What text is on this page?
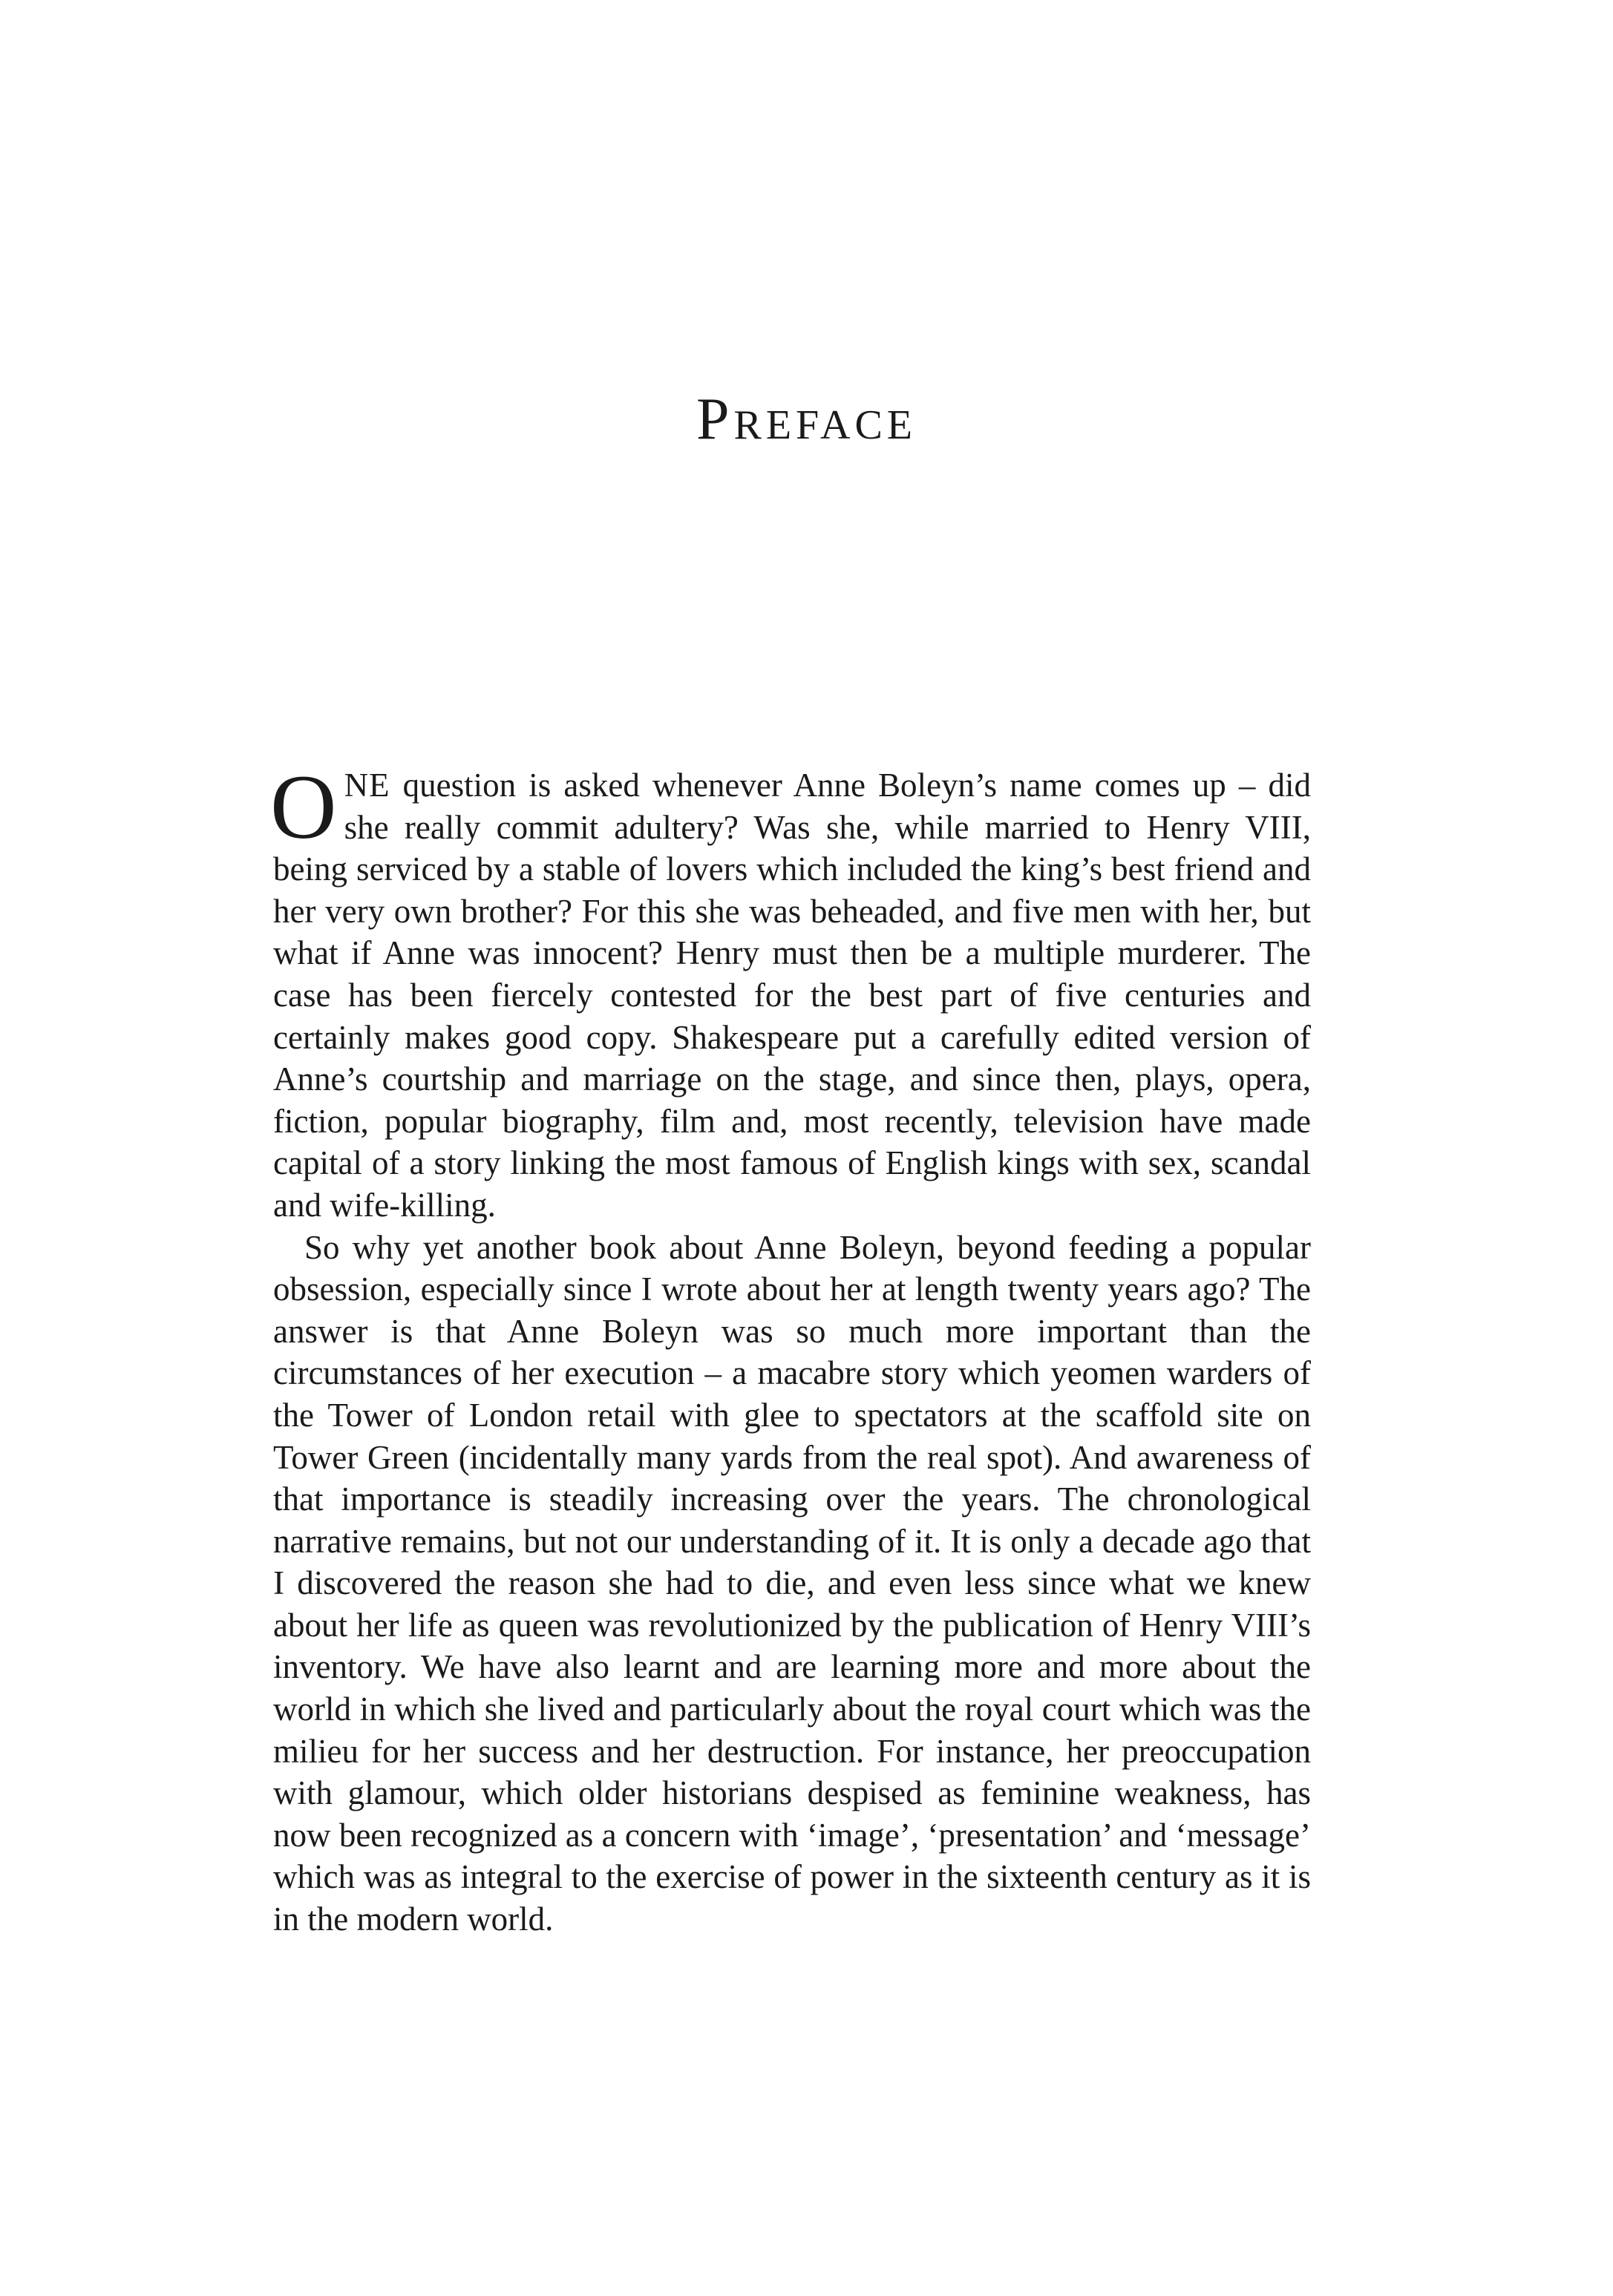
Preface

ONE question is asked whenever Anne Boleyn’s name comes up – did she really commit adultery? Was she, while married to Henry VIII, being serviced by a stable of lovers which included the king’s best friend and her very own brother? For this she was beheaded, and five men with her, but what if Anne was innocent? Henry must then be a multiple murderer. The case has been fiercely contested for the best part of five centuries and certainly makes good copy. Shakespeare put a carefully edited version of Anne’s courtship and marriage on the stage, and since then, plays, opera, fiction, popular biography, film and, most recently, television have made capital of a story linking the most famous of English kings with sex, scandal and wife-killing.

So why yet another book about Anne Boleyn, beyond feeding a popular obsession, especially since I wrote about her at length twenty years ago? The answer is that Anne Boleyn was so much more important than the circumstances of her execution – a macabre story which yeomen warders of the Tower of London retail with glee to spectators at the scaffold site on Tower Green (incidentally many yards from the real spot). And awareness of that importance is steadily increasing over the years. The chronological narrative remains, but not our understanding of it. It is only a decade ago that I discovered the reason she had to die, and even less since what we knew about her life as queen was revolutionized by the publication of Henry VIII’s inventory. We have also learnt and are learning more and more about the world in which she lived and particularly about the royal court which was the milieu for her success and her destruction. For instance, her preoccupation with glamour, which older historians despised as feminine weakness, has now been recognized as a concern with ‘image’, ‘presentation’ and ‘message’ which was as integral to the exercise of power in the sixteenth century as it is in the modern world.
